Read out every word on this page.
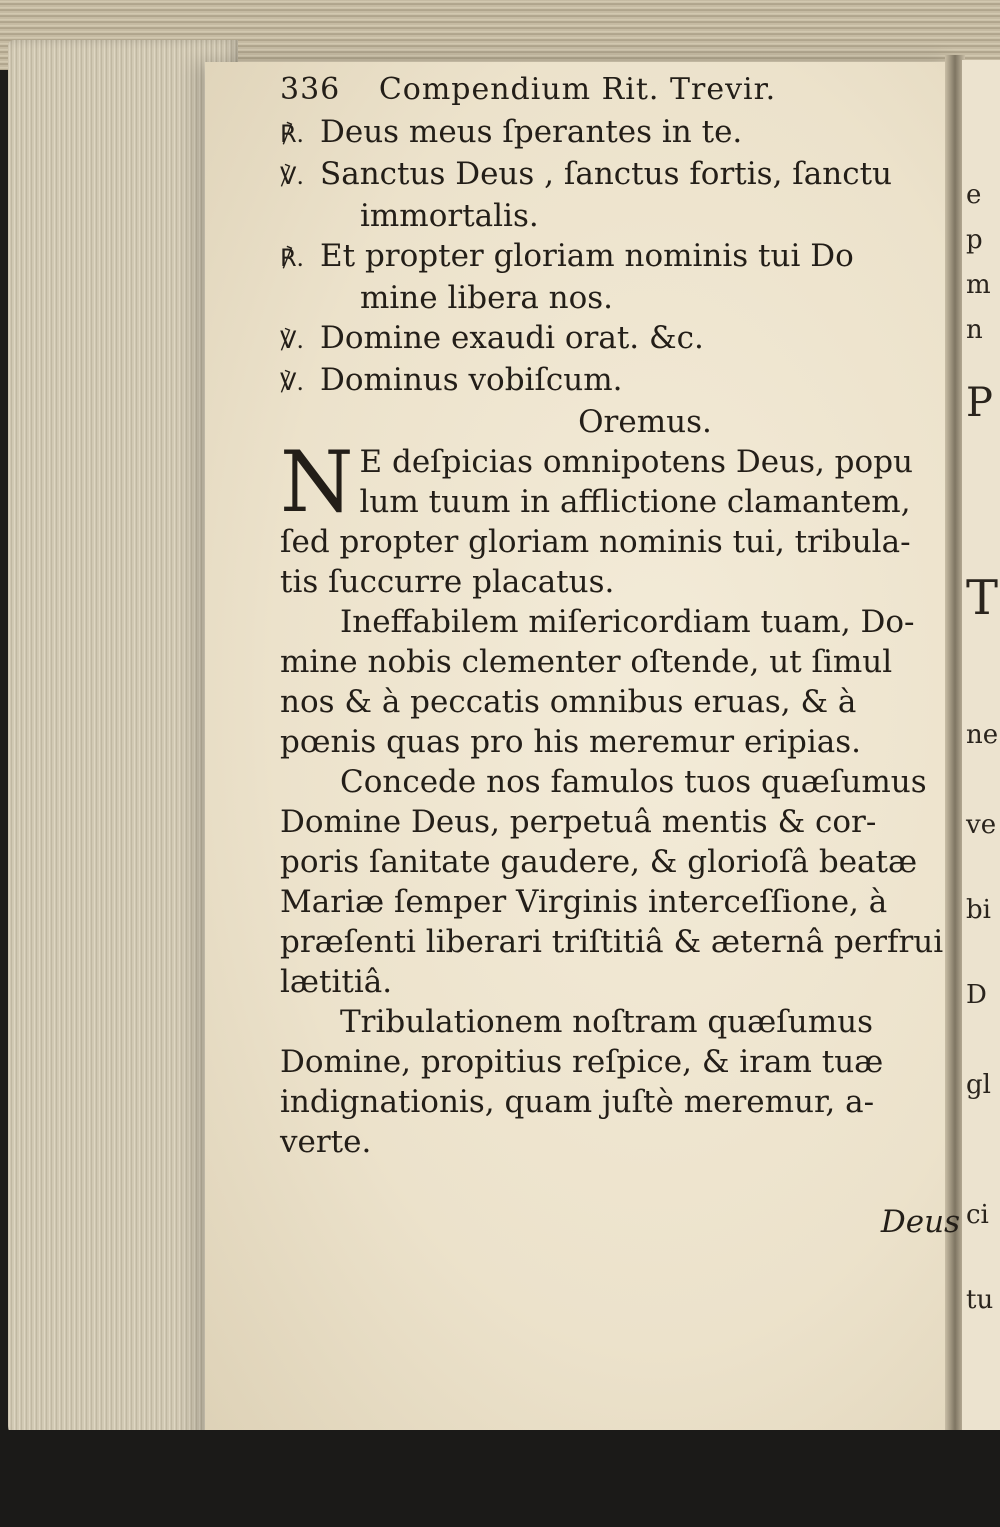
e
p
m
n
P
T
ne
ve
bi
D
gl
ci
tu
336 Compendium Rit. Trevir.
℟. Deus meus ſperantes in te.
℣. Sanctus Deus , ſanctus fortis, ſanctu
immortalis.
℟. Et propter gloriam nominis tui Do
mine libera nos.
℣. Domine exaudi orat. &c.
℣. Dominus vobiſcum.
Oremus.
N E deſpicias omnipotens Deus, popu
lum tuum in afflictione clamantem,
ſed propter gloriam nominis tui, tribula-
tis ſuccurre placatus.
Ineffabilem miſericordiam tuam, Do-
mine nobis clementer oſtende, ut ſimul
nos & à peccatis omnibus eruas, & à
pœnis quas pro his meremur eripias.
Concede nos famulos tuos quæſumus
Domine Deus, perpetuâ mentis & cor-
poris ſanitate gaudere, & glorioſâ beatæ
Mariæ ſemper Virginis interceſſione, à
præſenti liberari triſtitiâ & æternâ perfrui
lætitiâ.
Tribulationem noſtram quæſumus
Domine, propitius reſpice, & iram tuæ
indignationis, quam juſtè meremur, a-
verte.
Deus
